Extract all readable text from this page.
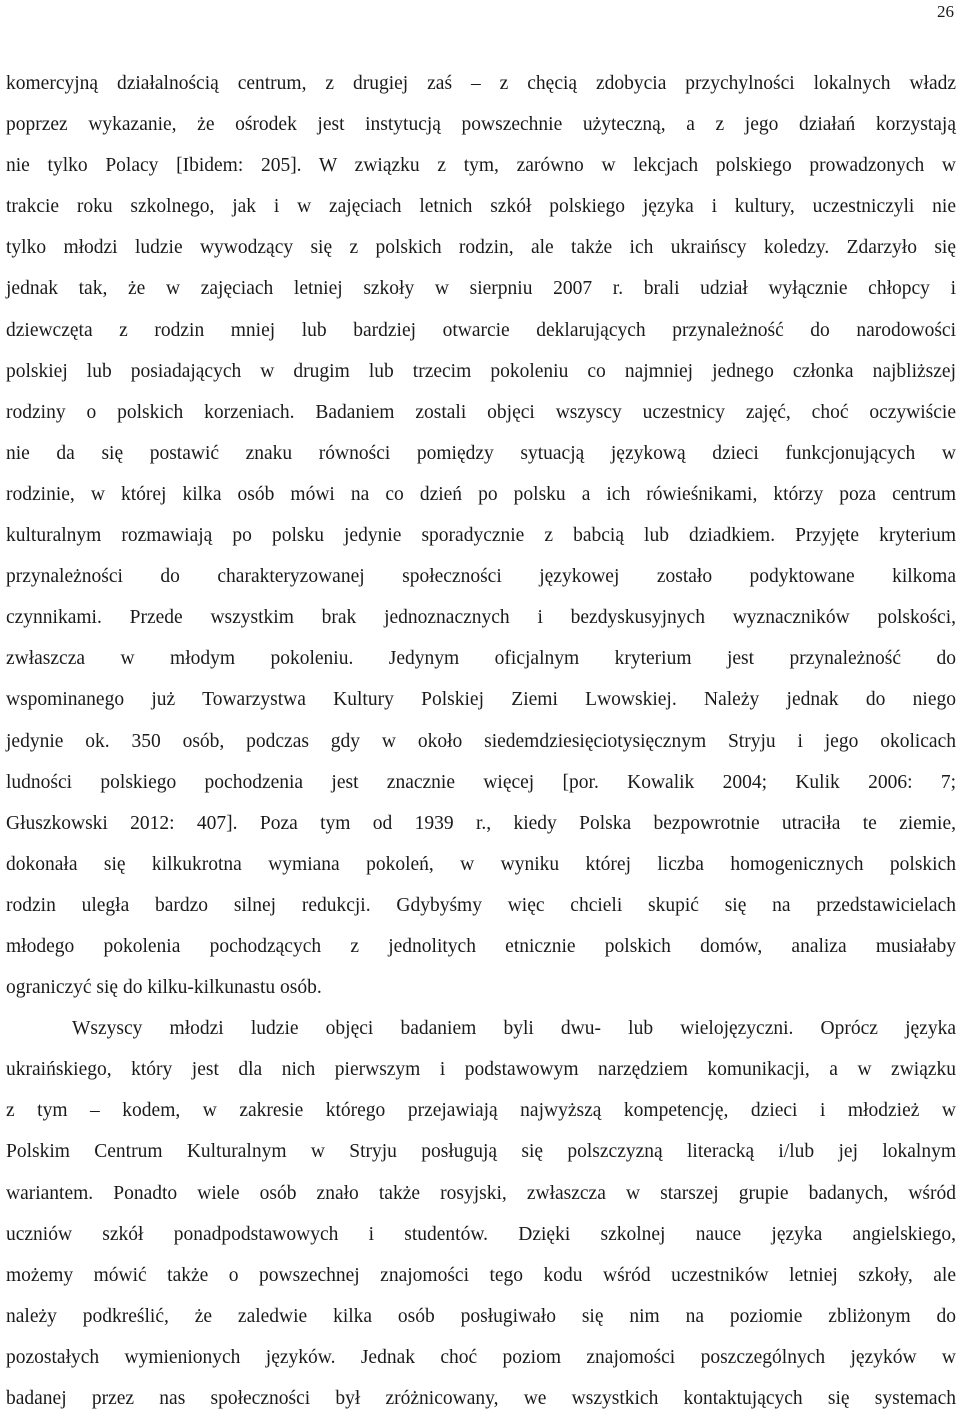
26
komercyjną działalnością centrum, z drugiej zaś – z chęcią zdobycia przychylności lokalnych władz
poprzez wykazanie, że ośrodek jest instytucją powszechnie użyteczną, a z jego działań korzystają
nie tylko Polacy [Ibidem: 205]. W związku z tym, zarówno w lekcjach polskiego prowadzonych w
trakcie roku szkolnego, jak i w zajęciach letnich szkół polskiego języka i kultury, uczestniczyli nie
tylko młodzi ludzie wywodzący się z polskich rodzin, ale także ich ukraińscy koledzy. Zdarzyło się
jednak tak, że w zajęciach letniej szkoły w sierpniu 2007 r. brali udział wyłącznie chłopcy i
dziewczęta z rodzin mniej lub bardziej otwarcie deklarujących przynależność do narodowości
polskiej lub posiadających w drugim lub trzecim pokoleniu co najmniej jednego członka najbliższej
rodziny o polskich korzeniach. Badaniem zostali objęci wszyscy uczestnicy zajęć, choć oczywiście
nie da się postawić znaku równości pomiędzy sytuacją językową dzieci funkcjonujących w
rodzinie, w której kilka osób mówi na co dzień po polsku a ich rówieśnikami, którzy poza centrum
kulturalnym rozmawiają po polsku jedynie sporadycznie z babcią lub dziadkiem. Przyjęte kryterium
przynależności do charakteryzowanej społeczności językowej zostało podyktowane kilkoma
czynnikami. Przede wszystkim brak jednoznacznych i bezdyskusyjnych wyznaczników polskości,
zwłaszcza w młodym pokoleniu. Jedynym oficjalnym kryterium jest przynależność do
wspominanego już Towarzystwa Kultury Polskiej Ziemi Lwowskiej. Należy jednak do niego
jedynie ok. 350 osób, podczas gdy w około siedemdziesięciotysięcznym Stryju i jego okolicach
ludności polskiego pochodzenia jest znacznie więcej [por. Kowalik 2004; Kulik 2006: 7;
Głuszkowski 2012: 407]. Poza tym od 1939 r., kiedy Polska bezpowrotnie utraciła te ziemie,
dokonała się kilkukrotna wymiana pokoleń, w wyniku której liczba homogenicznych polskich
rodzin uległa bardzo silnej redukcji. Gdybyśmy więc chcieli skupić się na przedstawicielach
młodego pokolenia pochodzących z jednolitych etnicznie polskich domów, analiza musiałaby
ograniczyć się do kilku-kilkunastu osób.
Wszyscy młodzi ludzie objęci badaniem byli dwu- lub wielojęzyczni. Oprócz języka
ukraińskiego, który jest dla nich pierwszym i podstawowym narzędziem komunikacji, a w związku
z tym – kodem, w zakresie którego przejawiają najwyższą kompetencję, dzieci i młodzież w
Polskim Centrum Kulturalnym w Stryju posługują się polszczyzną literacką i/lub jej lokalnym
wariantem. Ponadto wiele osób znało także rosyjski, zwłaszcza w starszej grupie badanych, wśród
uczniów szkół ponadpodstawowych i studentów. Dzięki szkolnej nauce języka angielskiego,
możemy mówić także o powszechnej znajomości tego kodu wśród uczestników letniej szkoły, ale
należy podkreślić, że zaledwie kilka osób posługiwało się nim na poziomie zbliżonym do
pozostałych wymienionych języków. Jednak choć poziom znajomości poszczególnych języków w
badanej przez nas społeczności był zróżnicowany, we wszystkich kontaktujących się systemach
